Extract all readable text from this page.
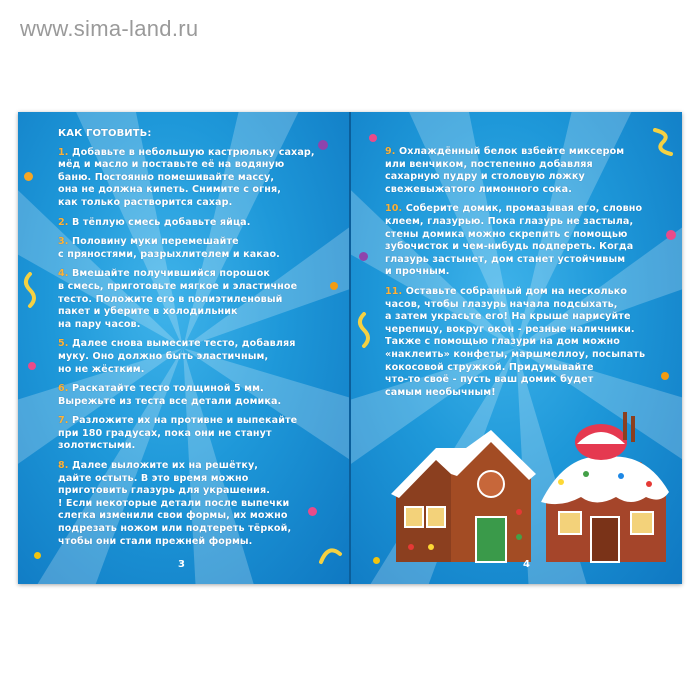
www.sima-land.ru
КАК ГОТОВИТЬ:
1. Добавьте в небольшую кастрюльку сахар,
мёд и масло и поставьте её на водяную
баню. Постоянно помешивайте массу,
она не должна кипеть. Снимите с огня,
как только растворится сахар.
2. В тёплую смесь добавьте яйца.
3. Половину муки перемешайте
с пряностями, разрыхлителем и какао.
4. Вмешайте получившийся порошок
в смесь, приготовьте мягкое и эластичное
тесто. Положите его в полиэтиленовый
пакет и уберите в холодильник
на пару часов.
5. Далее снова вымесите тесто, добавляя
муку. Оно должно быть эластичным,
но не жёстким.
6. Раскатайте тесто толщиной 5 мм.
Вырежьте из теста все детали домика.
7. Разложите их на противне и выпекайте
при 180 градусах, пока они не станут
золотистыми.
8. Далее выложите их на решётку,
дайте остыть. В это время можно
приготовить глазурь для украшения.
! Если некоторые детали после выпечки
слегка изменили свои формы, их можно
подрезать ножом или подтереть тёркой,
чтобы они стали прежней формы.
3
9. Охлаждённый белок взбейте миксером
или венчиком, постепенно добавляя
сахарную пудру и столовую ложку
свежевыжатого лимонного сока.
10. Соберите домик, промазывая его, словно
клеем, глазурью. Пока глазурь не застыла,
стены домика можно скрепить с помощью
зубочисток и чем-нибудь подпереть. Когда
глазурь застынет, дом станет устойчивым
и прочным.
11. Оставьте собранный дом на несколько
часов, чтобы глазурь начала подсыхать,
а затем украсьте его! На крыше нарисуйте
черепицу, вокруг окон - резные наличники.
Также с помощью глазури на дом можно
«наклеить» конфеты, маршмеллоу, посыпать
кокосовой стружкой. Придумывайте
что-то своё - пусть ваш домик будет
самым необычным!
4
